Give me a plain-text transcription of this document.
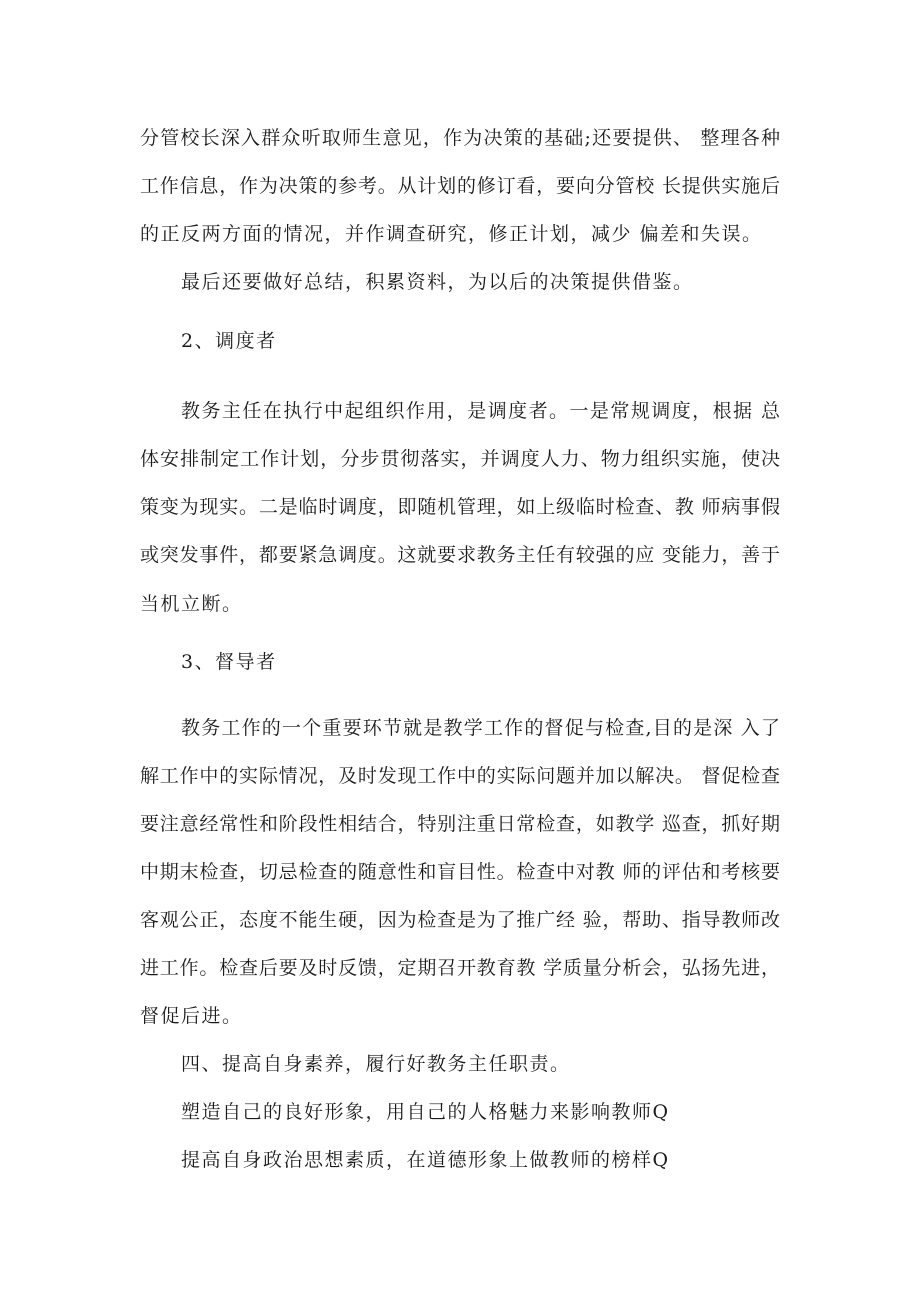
分管校长深入群众听取师生意见，作为决策的基础;还要提供、 整理各种
工作信息，作为决策的参考。从计划的修订看，要向分管校 长提供实施后
的正反两方面的情况，并作调查研究，修正计划，减少 偏差和失误。
最后还要做好总结，积累资料，为以后的决策提供借鉴。
2、调度者
教务主任在执行中起组织作用，是调度者。一是常规调度，根据 总
体安排制定工作计划，分步贯彻落实，并调度人力、物力组织实施，使决
策变为现实。二是临时调度，即随机管理，如上级临时检查、教 师病事假
或突发事件，都要紧急调度。这就要求教务主任有较强的应 变能力，善于
当机立断。
3、督导者
教务工作的一个重要环节就是教学工作的督促与检查,目的是深 入了
解工作中的实际情况，及时发现工作中的实际问题并加以解决。 督促检查
要注意经常性和阶段性相结合，特别注重日常检查，如教学 巡查，抓好期
中期末检查，切忌检查的随意性和盲目性。检查中对教 师的评估和考核要
客观公正，态度不能生硬，因为检查是为了推广经 验，帮助、指导教师改
进工作。检查后要及时反馈，定期召开教育教 学质量分析会，弘扬先进，
督促后进。
四、提高自身素养，履行好教务主任职责。
塑造自己的良好形象，用自己的人格魅力来影响教师Q
提高自身政治思想素质，在道德形象上做教师的榜样Q
